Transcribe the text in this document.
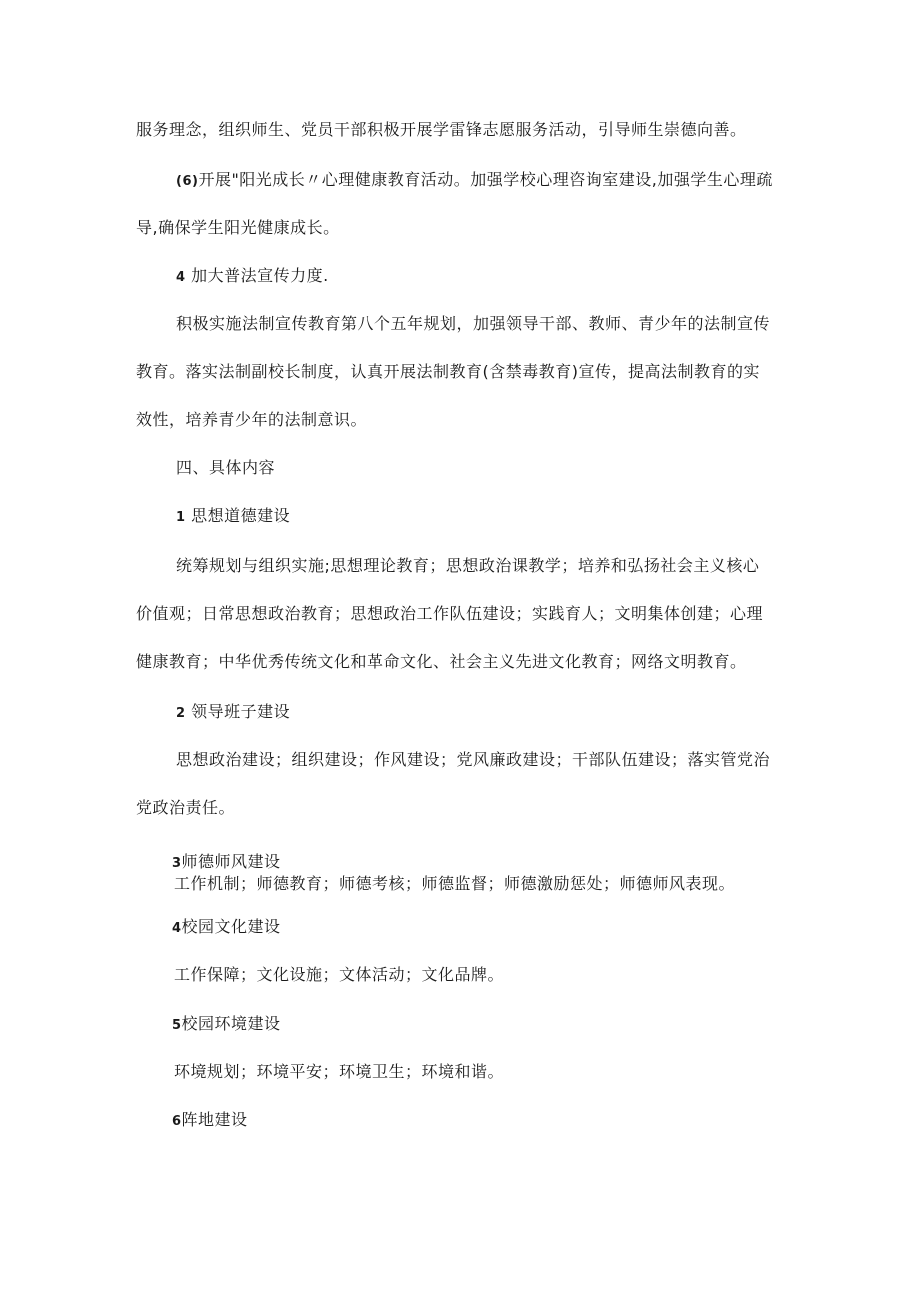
服务理念，组织师生、党员干部积极开展学雷锋志愿服务活动，引导师生崇德向善。
(6)开展"阳光成长〃心理健康教育活动。加强学校心理咨询室建设,加强学生心理疏
导,确保学生阳光健康成长。
4 加大普法宣传力度.
积极实施法制宣传教育第八个五年规划，加强领导干部、教师、青少年的法制宣传
教育。落实法制副校长制度，认真开展法制教育(含禁毒教育)宣传，提高法制教育的实
效性，培养青少年的法制意识。
四、具体内容
1 思想道德建设
统筹规划与组织实施;思想理论教育；思想政治课教学；培养和弘扬社会主义核心
价值观；日常思想政治教育；思想政治工作队伍建设；实践育人；文明集体创建；心理
健康教育；中华优秀传统文化和革命文化、社会主义先进文化教育；网络文明教育。
2 领导班子建设
思想政治建设；组织建设；作风建设；党风廉政建设；干部队伍建设；落实管党治
党政治责任。
3师德师风建设
工作机制；师德教育；师德考核；师德监督；师德激励惩处；师德师风表现。
4校园文化建设
工作保障；文化设施；文体活动；文化品牌。
5校园环境建设
环境规划；环境平安；环境卫生；环境和谐。
6阵地建设
